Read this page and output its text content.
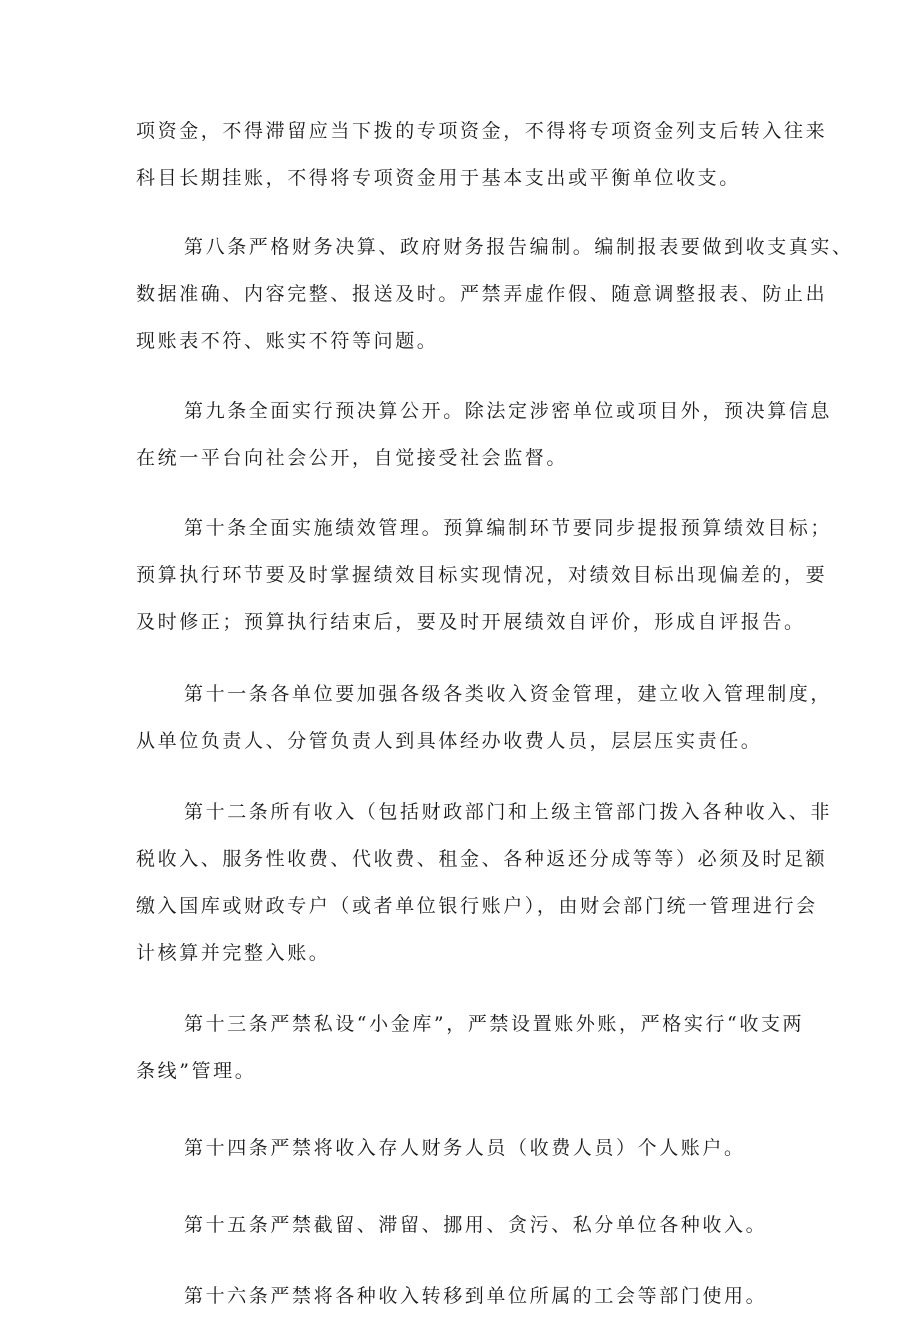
项资金，不得滞留应当下拨的专项资金，不得将专项资金列支后转入往来
科目长期挂账，不得将专项资金用于基本支出或平衡单位收支。

第八条严格财务决算、政府财务报告编制。编制报表要做到收支真实、
数据准确、内容完整、报送及时。严禁弄虚作假、随意调整报表、防止出
现账表不符、账实不符等问题。

第九条全面实行预决算公开。除法定涉密单位或项目外，预决算信息
在统一平台向社会公开，自觉接受社会监督。

第十条全面实施绩效管理。预算编制环节要同步提报预算绩效目标；
预算执行环节要及时掌握绩效目标实现情况，对绩效目标出现偏差的，要
及时修正；预算执行结束后，要及时开展绩效自评价，形成自评报告。

第十一条各单位要加强各级各类收入资金管理，建立收入管理制度，
从单位负责人、分管负责人到具体经办收费人员，层层压实责任。

第十二条所有收入（包括财政部门和上级主管部门拨入各种收入、非
税收入、服务性收费、代收费、租金、各种返还分成等等）必须及时足额
缴入国库或财政专户（或者单位银行账户），由财会部门统一管理进行会
计核算并完整入账。

第十三条严禁私设“小金库”，严禁设置账外账，严格实行“收支两
条线”管理。

第十四条严禁将收入存人财务人员（收费人员）个人账户。

第十五条严禁截留、滞留、挪用、贪污、私分单位各种收入。

第十六条严禁将各种收入转移到单位所属的工会等部门使用。
